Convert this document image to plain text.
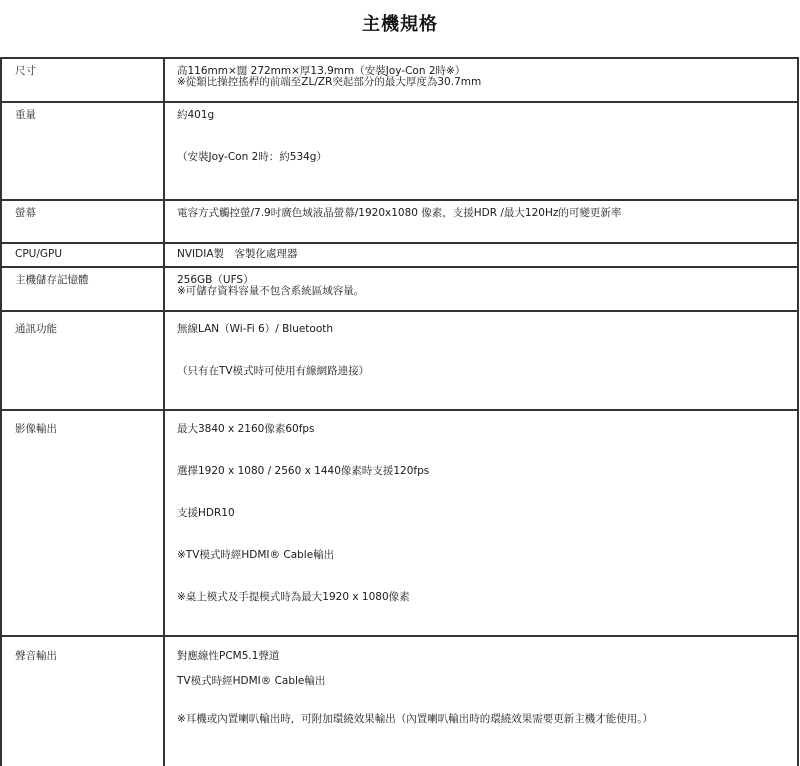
主機規格
尺寸	高116mm×闊 272mm×厚13.9mm（安裝Joy-Con 2時※）
※從類比操控搖桿的前端至ZL/ZR突起部分的最大厚度為30.7mm

重量	約401g
（安裝Joy-Con 2時：約534g）

螢幕	電容方式觸控螢/7.9吋廣色域液晶螢幕/1920x1080 像素，支援HDR /最大120Hz的可變更新率

CPU/GPU	NVIDIA製　客製化處理器

主機儲存記憶體	256GB（UFS）
※可儲存資料容量不包含系統區域容量。

通訊功能	無線LAN（Wi-Fi 6）/ Bluetooth
（只有在TV模式時可使用有線網路連接）

影像輸出	最大3840 x 2160像素60fps
選擇1920 x 1080 / 2560 x 1440像素時支援120fps
支援HDR10
※TV模式時經HDMI® Cable輸出
※桌上模式及手提模式時為最大1920 x 1080像素

聲音輸出	對應線性PCM5.1聲道
TV模式時經HDMI® Cable輸出
※耳機或內置喇叭輸出時，可附加環繞效果輸出（內置喇叭輸出時的環繞效果需要更新主機才能使用。）
